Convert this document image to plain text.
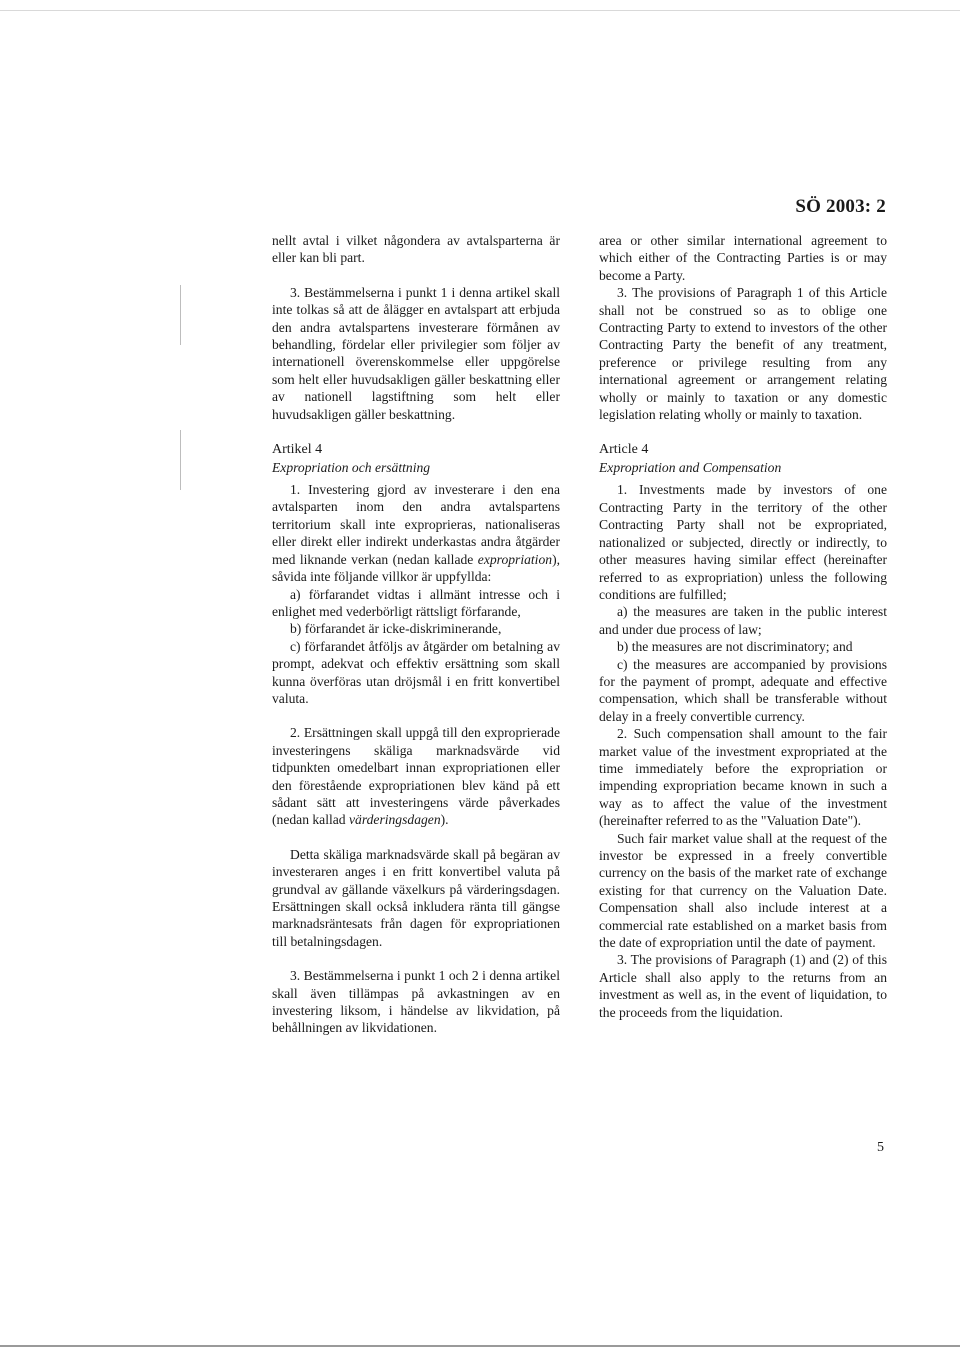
SÖ 2003: 2

nellt avtal i vilket någondera av avtalsparterna är eller kan bli part.

3. Bestämmelserna i punkt 1 i denna artikel skall inte tolkas så att de ålägger en avtalspart att erbjuda den andra avtalspartens investerare förmånen av behandling, fördelar eller privilegier som följer av internationell överenskommelse eller uppgörelse som helt eller huvudsakligen gäller beskattning eller av nationell lagstiftning som helt eller huvudsakligen gäller beskattning.

Artikel 4
Expropriation och ersättning

1. Investering gjord av investerare i den ena avtalsparten inom den andra avtalspartens territorium skall inte exproprieras, nationaliseras eller direkt eller indirekt underkastas andra åtgärder med liknande verkan (nedan kallade expropriation), såvida inte följande villkor är uppfyllda:

a) förfarandet vidtas i allmänt intresse och i enlighet med vederbörligt rättsligt förfarande,

b) förfarandet är icke-diskriminerande,

c) förfarandet åtföljs av åtgärder om betalning av prompt, adekvat och effektiv ersättning som skall kunna överföras utan dröjsmål i en fritt konvertibel valuta.

2. Ersättningen skall uppgå till den exproprierade investeringens skäliga marknadsvärde vid tidpunkten omedelbart innan expropriationen eller den förestående expropriationen blev känd på ett sådant sätt att investeringens värde påverkades (nedan kallad värderingsdagen).

Detta skäliga marknadsvärde skall på begäran av investeraren anges i en fritt konvertibel valuta på grundval av gällande växelkurs på värderingsdagen. Ersättningen skall också inkludera ränta till gängse marknadsräntesats från dagen för expropriationen till betalningsdagen.

3. Bestämmelserna i punkt 1 och 2 i denna artikel skall även tillämpas på avkastningen av en investering liksom, i händelse av likvidation, på behållningen av likvidationen.

area or other similar international agreement to which either of the Contracting Parties is or may become a Party.

3. The provisions of Paragraph 1 of this Article shall not be construed so as to oblige one Contracting Party to extend to investors of the other Contracting Party the benefit of any treatment, preference or privilege resulting from any international agreement or arrangement relating wholly or mainly to taxation or any domestic legislation relating wholly or mainly to taxation.

Article 4
Expropriation and Compensation

1. Investments made by investors of one Contracting Party in the territory of the other Contracting Party shall not be expropriated, nationalized or subjected, directly or indirectly, to other measures having similar effect (hereinafter referred to as expropriation) unless the following conditions are fulfilled;

a) the measures are taken in the public interest and under due process of law;

b) the measures are not discriminatory; and

c) the measures are accompanied by provisions for the payment of prompt, adequate and effective compensation, which shall be transferable without delay in a freely convertible currency.

2. Such compensation shall amount to the fair market value of the investment expropriated at the time immediately before the expropriation or impending expropriation became known in such a way as to affect the value of the investment (hereinafter referred to as the "Valuation Date").

Such fair market value shall at the request of the investor be expressed in a freely convertible currency on the basis of the market rate of exchange existing for that currency on the Valuation Date. Compensation shall also include interest at a commercial rate established on a market basis from the date of expropriation until the date of payment.

3. The provisions of Paragraph (1) and (2) of this Article shall also apply to the returns from an investment as well as, in the event of liquidation, to the proceeds from the liquidation.

5
